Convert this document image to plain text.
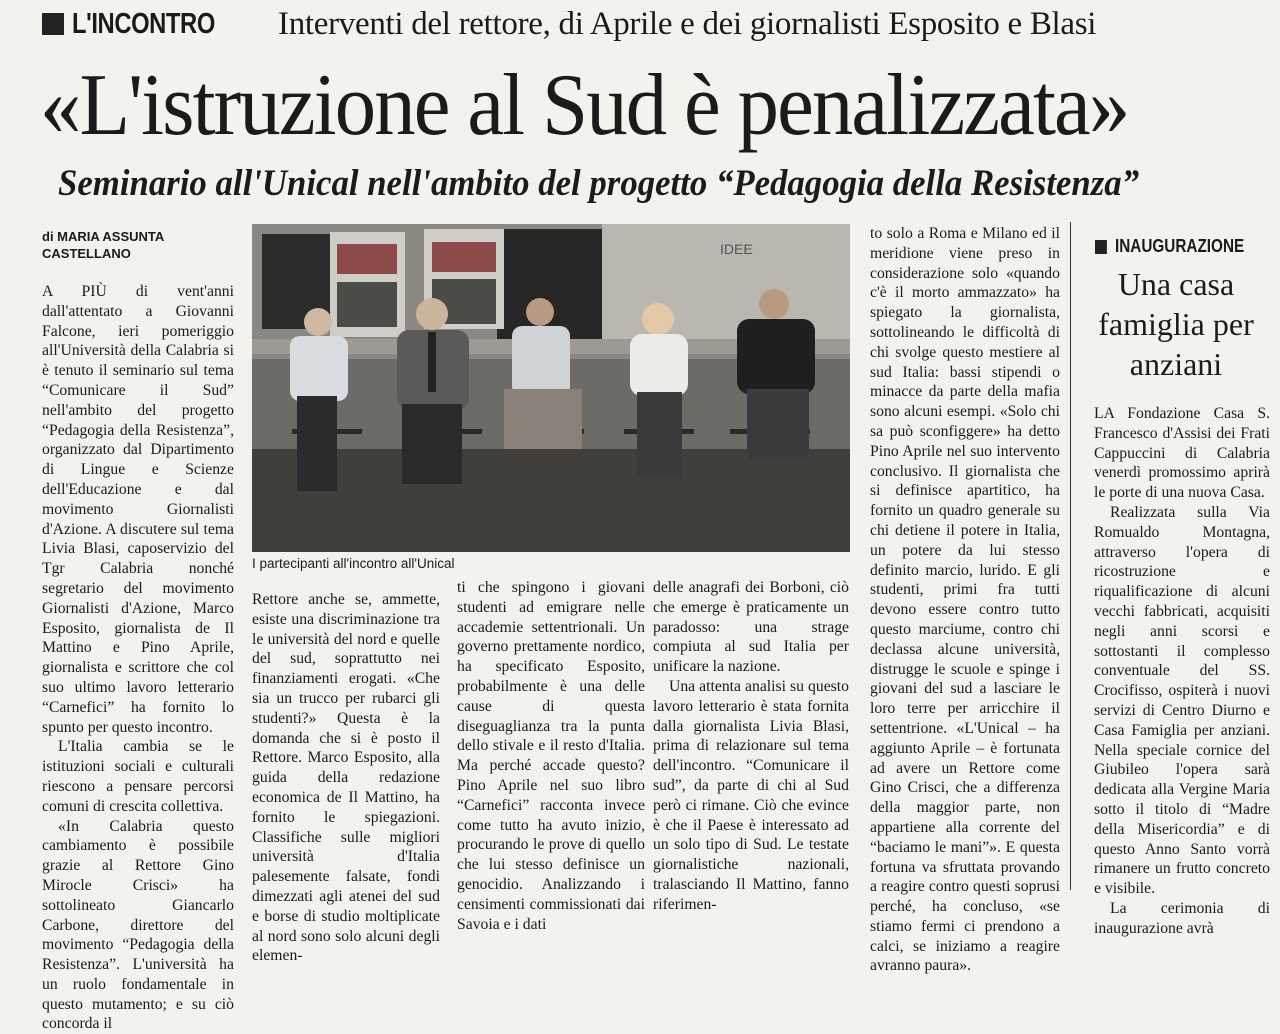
L'INCONTRO	Interventi del rettore, di Aprile e dei giornalisti Esposito e Blasi
«L'istruzione al Sud è penalizzata»
Seminario all'Unical nell'ambito del progetto “Pedagogia della Resistenza”
di MARIA ASSUNTA CASTELLANO

A PIÙ di vent'anni dall'attentato a Giovanni Falcone, ieri pomeriggio all'Università della Calabria si è tenuto il seminario sul tema “Comunicare il Sud” nell'ambito del progetto “Pedagogia della Resistenza”, organizzato dal Dipartimento di Lingue e Scienze dell'Educazione e dal movimento Giornalisti d'Azione. A discutere sul tema Livia Blasi, caposervizio del Tgr Calabria nonché segretario del movimento Giornalisti d'Azione, Marco Esposito, giornalista de Il Mattino e Pino Aprile, giornalista e scrittore che col suo ultimo lavoro letterario “Carnefici” ha fornito lo spunto per questo incontro.

L'Italia cambia se le istituzioni sociali e culturali riescono a pensare percorsi comuni di crescita collettiva.

«In Calabria questo cambiamento è possibile grazie al Rettore Gino Mirocle Crisci» ha sottolineato Giancarlo Carbone, direttore del movimento “Pedagogia della Resistenza”. L'università ha un ruolo fondamentale in questo mutamento; e su ciò concorda il

IDEE
I partecipanti all'incontro all'Unical

Rettore anche se, ammette, esiste una discriminazione tra le università del nord e quelle del sud, soprattutto nei finanziamenti erogati. «Che sia un trucco per rubarci gli studenti?» Questa è la domanda che si è posto il Rettore. Marco Esposito, alla guida della redazione economica de Il Mattino, ha fornito le spiegazioni. Classifiche sulle migliori università d'Italia palesemente falsate, fondi dimezzati agli atenei del sud e borse di studio moltiplicate al nord sono solo alcuni degli elemen-

ti che spingono i giovani studenti ad emigrare nelle accademie settentrionali. Un governo prettamente nordico, ha specificato Esposito, probabilmente è una delle cause di questa diseguaglianza tra la punta dello stivale e il resto d'Italia. Ma perché accade questo? Pino Aprile nel suo libro “Carnefici” racconta invece come tutto ha avuto inizio, procurando le prove di quello che lui stesso definisce un genocidio. Analizzando i censimenti commissionati dai Savoia e i dati

delle anagrafi dei Borboni, ciò che emerge è praticamente un paradosso: una strage compiuta al sud Italia per unificare la nazione.

Una attenta analisi su questo lavoro letterario è stata fornita dalla giornalista Livia Blasi, prima di relazionare sul tema dell'incontro. “Comunicare il sud”, da parte di chi al Sud però ci rimane. Ciò che evince è che il Paese è interessato ad un solo tipo di Sud. Le testate giornalistiche nazionali, tralasciando Il Mattino, fanno riferimen-

to solo a Roma e Milano ed il meridione viene preso in considerazione solo «quando c'è il morto ammazzato» ha spiegato la giornalista, sottolineando le difficoltà di chi svolge questo mestiere al sud Italia: bassi stipendi o minacce da parte della mafia sono alcuni esempi. «Solo chi sa può sconfiggere» ha detto Pino Aprile nel suo intervento conclusivo. Il giornalista che si definisce apartitico, ha fornito un quadro generale su chi detiene il potere in Italia, un potere da lui stesso definito marcio, lurido. E gli studenti, primi fra tutti devono essere contro tutto questo marciume, contro chi declassa alcune università, distrugge le scuole e spinge i giovani del sud a lasciare le loro terre per arricchire il settentrione. «L'Unical – ha aggiunto Aprile – è fortunata ad avere un Rettore come Gino Crisci, che a differenza della maggior parte, non appartiene alla corrente del “baciamo le mani”». E questa fortuna va sfruttata provando a reagire contro questi soprusi perché, ha concluso, «se stiamo fermi ci prendono a calci, se iniziamo a reagire avranno paura».

INAUGURAZIONE
Una casa famiglia per anziani

LA Fondazione Casa S. Francesco d'Assisi dei Frati Cappuccini di Calabria venerdì promossimo aprirà le porte di una nuova Casa.

Realizzata sulla Via Romualdo Montagna, attraverso l'opera di ricostruzione e riqualificazione di alcuni vecchi fabbricati, acquisiti negli anni scorsi e sottostanti il complesso conventuale del SS. Crocifisso, ospiterà i nuovi servizi di Centro Diurno e Casa Famiglia per anziani. Nella speciale cornice del Giubileo l'opera sarà dedicata alla Vergine Maria sotto il titolo di “Madre della Misericordia” e di questo Anno Santo vorrà rimanere un frutto concreto e visibile.

La cerimonia di inaugurazione avrà
